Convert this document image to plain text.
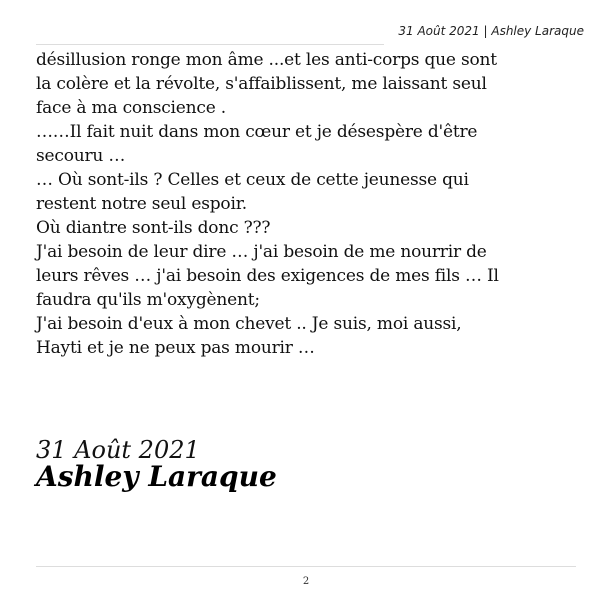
31 Août 2021 | Ashley Laraque
désillusion ronge mon âme ...et les anti-corps que sont
la colère et la révolte, s'affaiblissent, me laissant seul
face à ma conscience .
……Il fait nuit dans mon cœur et je désespère d'être
secouru …
… Où sont-ils ? Celles et ceux de cette jeunesse qui
restent notre seul espoir.
Où diantre sont-ils donc ???
J'ai besoin de leur dire … j'ai besoin de me nourrir de
leurs rêves … j'ai besoin des exigences de mes fils … Il
faudra qu'ils m'oxygènent;
J'ai besoin d'eux à mon chevet .. Je suis, moi aussi,
Hayti et je ne peux pas mourir …
31 Août 2021
Ashley Laraque
2
